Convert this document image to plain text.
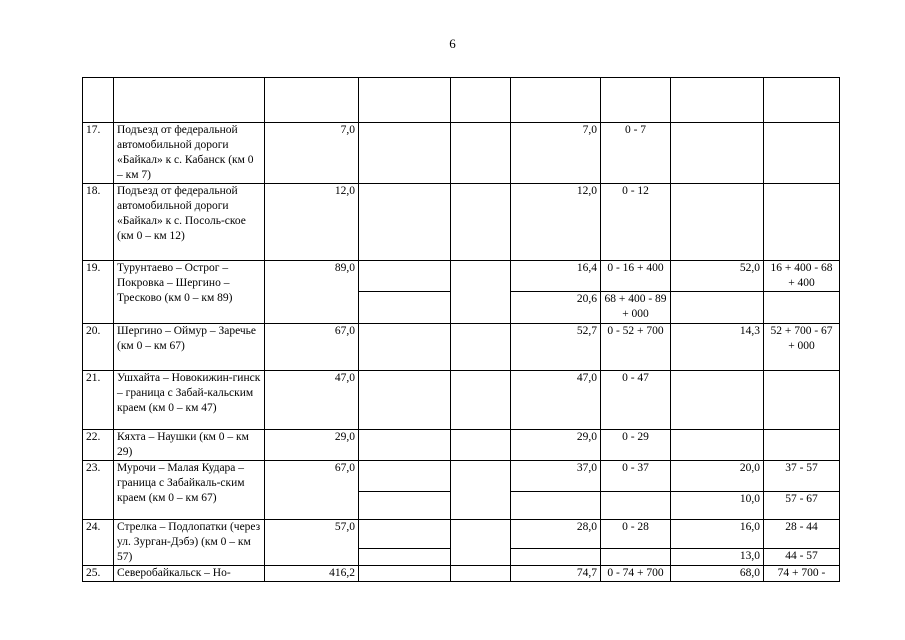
6

17.	Подъезд от федеральной автомобильной дороги «Байкал» к с. Кабанск (км 0 – км 7)	7,0			7,0	0 - 7		
18.	Подъезд от федеральной автомобильной дороги «Байкал» к с. Посоль-ское (км 0 – км 12)	12,0			12,0	0 - 12		
19.	Турунтаево – Острог – Покровка – Шергино – Тресково (км 0 – км 89)	89,0			16,4	0 - 16 + 400	52,0	16 + 400 - 68 + 400
					20,6	68 + 400 - 89 + 000		
20.	Шергино – Оймур – Заречье (км 0 – км 67)	67,0			52,7	0 - 52 + 700	14,3	52 + 700 - 67 + 000
21.	Ушхайта – Новокижин-гинск – граница с Забай-кальским краем (км 0 – км 47)	47,0			47,0	0 - 47		
22.	Кяхта – Наушки (км 0 – км 29)	29,0			29,0	0 - 29		
23.	Мурочи – Малая Кудара – граница с Забайкаль-ским краем (км 0 – км 67)	67,0			37,0	0 - 37	20,0	37 - 57
							10,0	57 - 67
24.	Стрелка – Подлопатки (через ул. Зурган-Дэбэ) (км 0 – км 57)	57,0			28,0	0 - 28	16,0	28 - 44
							13,0	44 - 57
25.	Северобайкальск – Но-	416,2			74,7	0 - 74 + 700	68,0	74 + 700 -
